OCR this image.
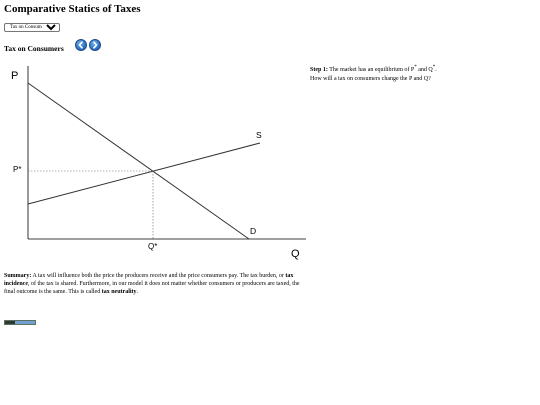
Comparative Statics of Taxes
Tax on Consumers
Tax on Consumers
P
Q
S
D
P*
Q*

Step 1: The market has an equilibrium of P* and Q*. How will a tax on consumers change the P and Q?

Summary: A tax will influence both the price the producers receive and the price consumers pay. The tax burden, or tax incidence, of the tax is shared. Furthermore, in our model it does not matter whether consumers or producers are taxed, the final outcome is the same. This is called tax neutrality.
